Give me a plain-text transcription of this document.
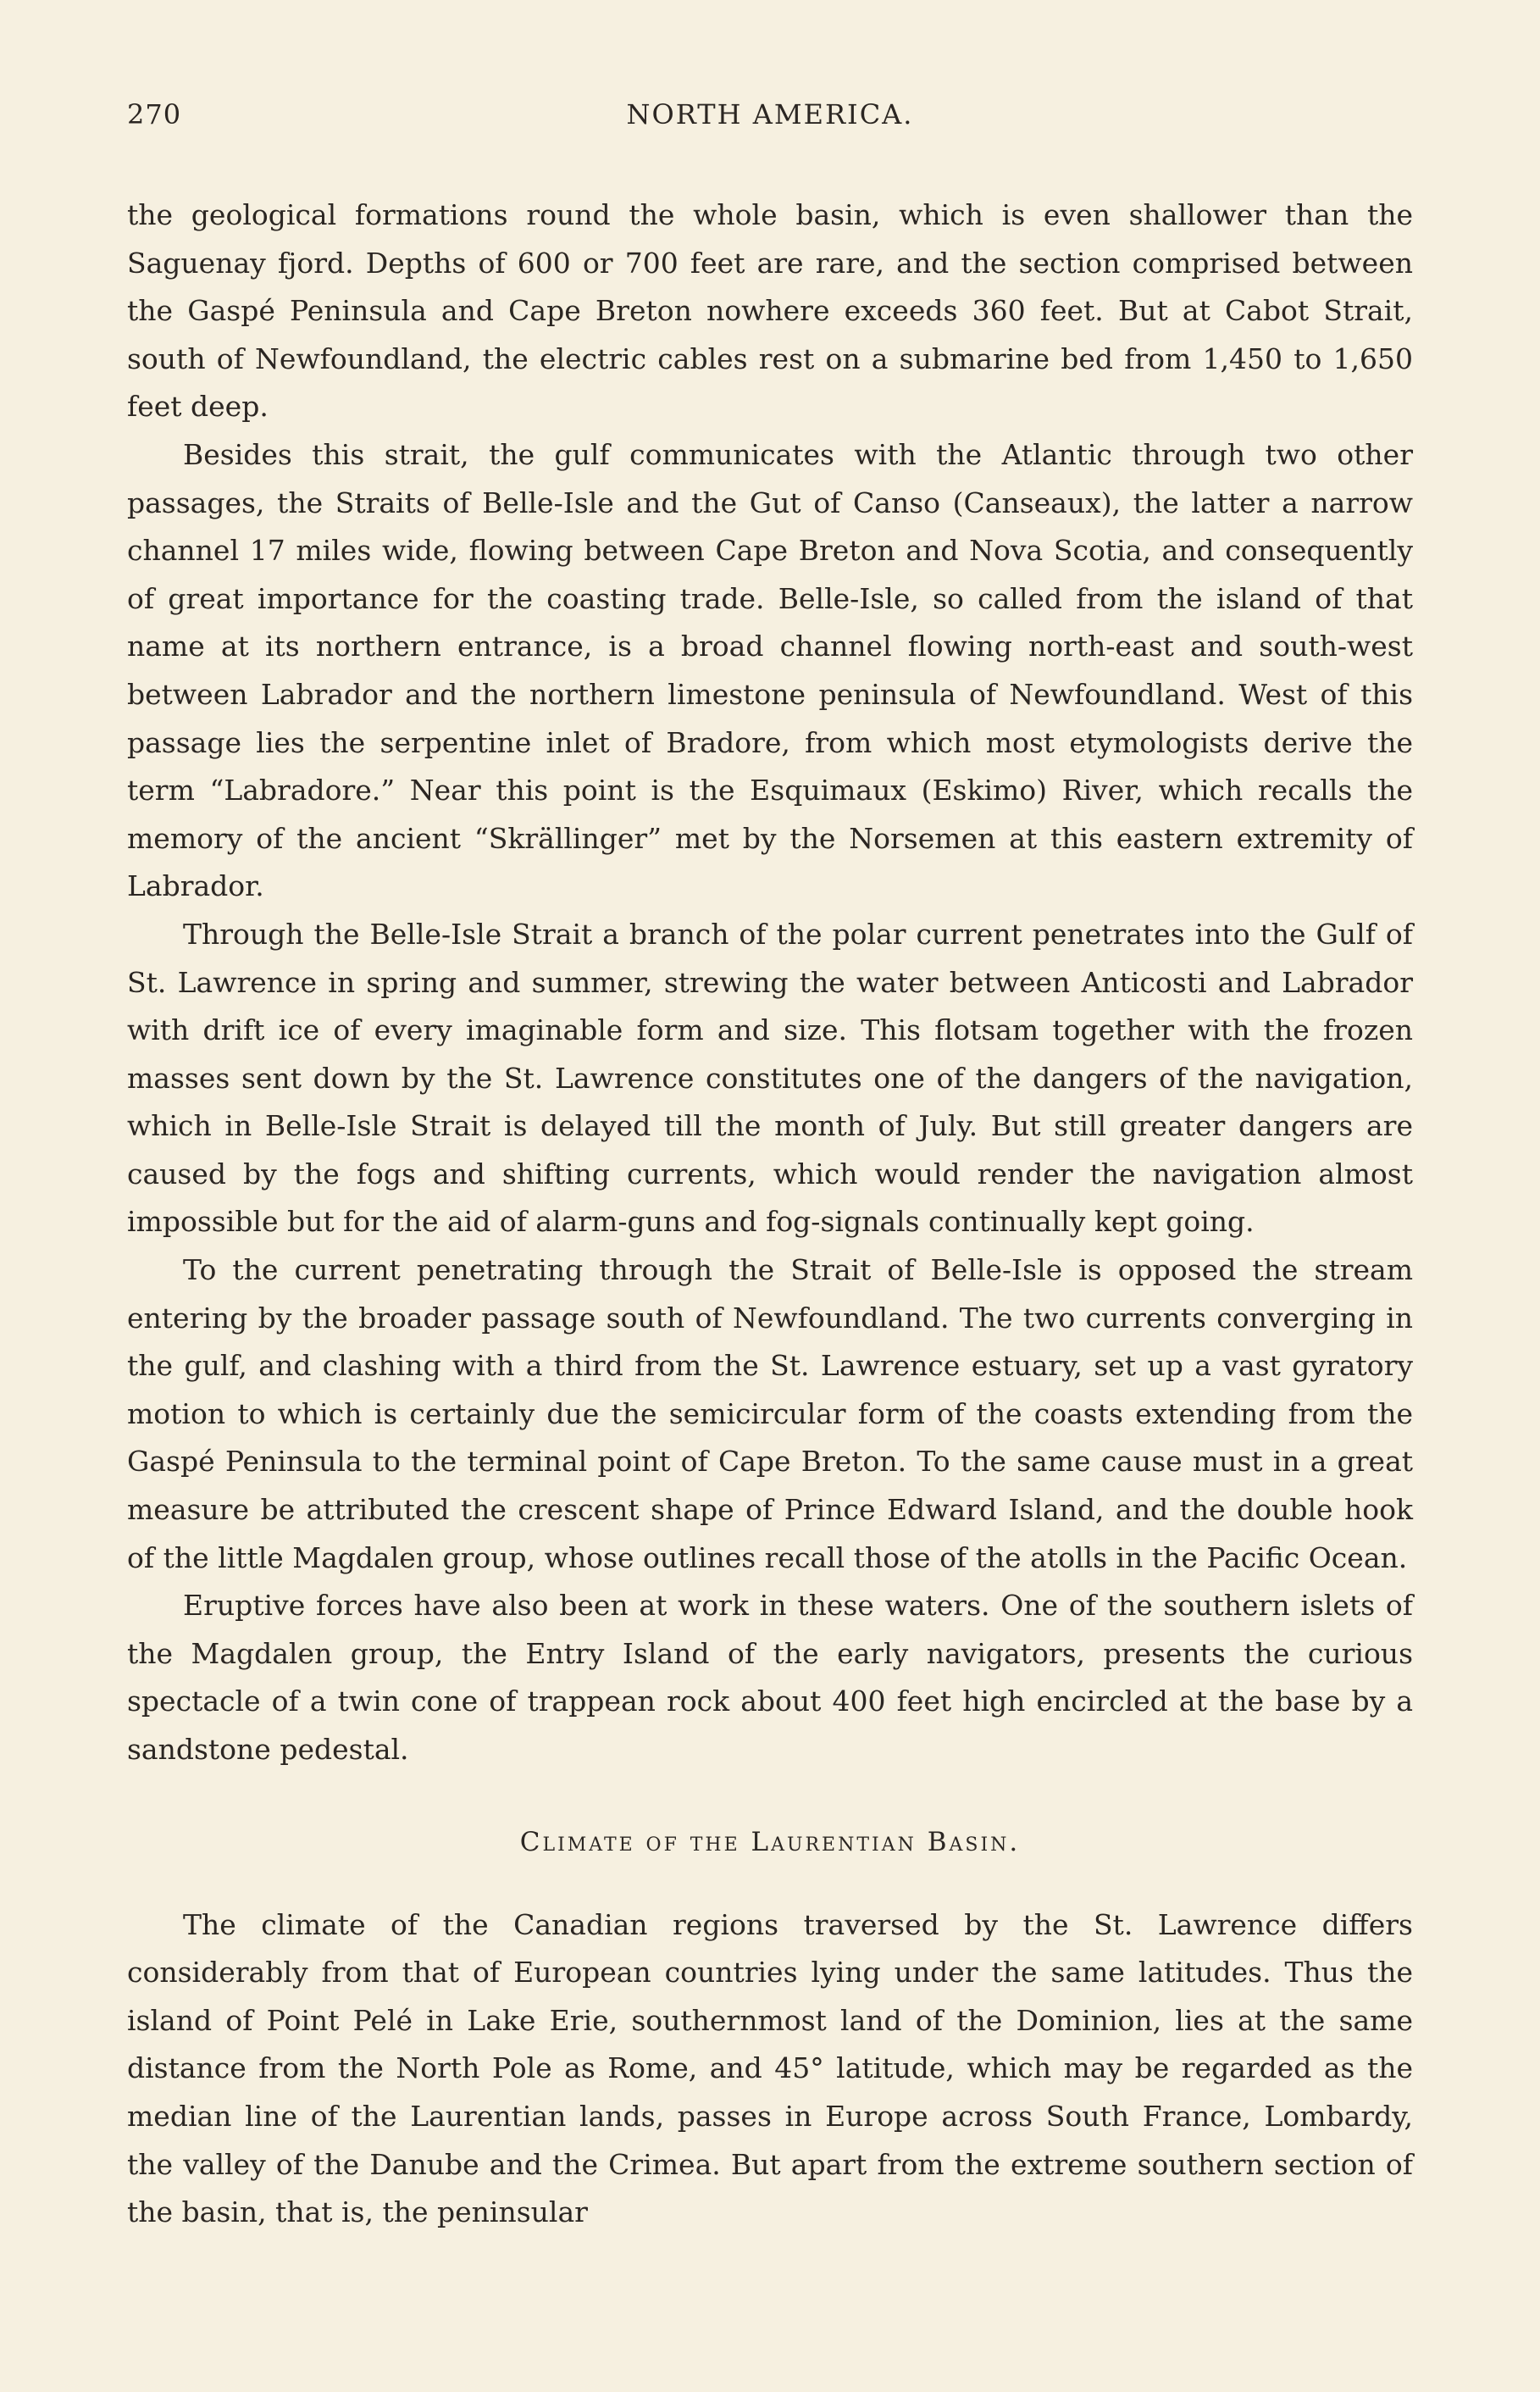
270	NORTH AMERICA.

the geological formations round the whole basin, which is even shallower than the Saguenay fjord. Depths of 600 or 700 feet are rare, and the section comprised between the Gaspé Peninsula and Cape Breton nowhere exceeds 360 feet. But at Cabot Strait, south of Newfoundland, the electric cables rest on a submarine bed from 1,450 to 1,650 feet deep.

Besides this strait, the gulf communicates with the Atlantic through two other passages, the Straits of Belle-Isle and the Gut of Canso (Canseaux), the latter a narrow channel 17 miles wide, flowing between Cape Breton and Nova Scotia, and consequently of great importance for the coasting trade. Belle-Isle, so called from the island of that name at its northern entrance, is a broad channel flowing north-east and south-west between Labrador and the northern limestone peninsula of Newfoundland. West of this passage lies the serpentine inlet of Bradore, from which most etymologists derive the term “Labradore.” Near this point is the Esquimaux (Eskimo) River, which recalls the memory of the ancient “Skrällinger” met by the Norsemen at this eastern extremity of Labrador.

Through the Belle-Isle Strait a branch of the polar current penetrates into the Gulf of St. Lawrence in spring and summer, strewing the water between Anticosti and Labrador with drift ice of every imaginable form and size. This flotsam together with the frozen masses sent down by the St. Lawrence constitutes one of the dangers of the navigation, which in Belle-Isle Strait is delayed till the month of July. But still greater dangers are caused by the fogs and shifting currents, which would render the navigation almost impossible but for the aid of alarm-guns and fog-signals continually kept going.

To the current penetrating through the Strait of Belle-Isle is opposed the stream entering by the broader passage south of Newfoundland. The two currents converging in the gulf, and clashing with a third from the St. Lawrence estuary, set up a vast gyratory motion to which is certainly due the semicircular form of the coasts extending from the Gaspé Peninsula to the terminal point of Cape Breton. To the same cause must in a great measure be attributed the crescent shape of Prince Edward Island, and the double hook of the little Magdalen group, whose outlines recall those of the atolls in the Pacific Ocean.

Eruptive forces have also been at work in these waters. One of the southern islets of the Magdalen group, the Entry Island of the early navigators, presents the curious spectacle of a twin cone of trappean rock about 400 feet high encircled at the base by a sandstone pedestal.

Climate of the Laurentian Basin.

The climate of the Canadian regions traversed by the St. Lawrence differs considerably from that of European countries lying under the same latitudes. Thus the island of Point Pelé in Lake Erie, southernmost land of the Dominion, lies at the same distance from the North Pole as Rome, and 45° latitude, which may be regarded as the median line of the Laurentian lands, passes in Europe across South France, Lombardy, the valley of the Danube and the Crimea. But apart from the extreme southern section of the basin, that is, the peninsular
